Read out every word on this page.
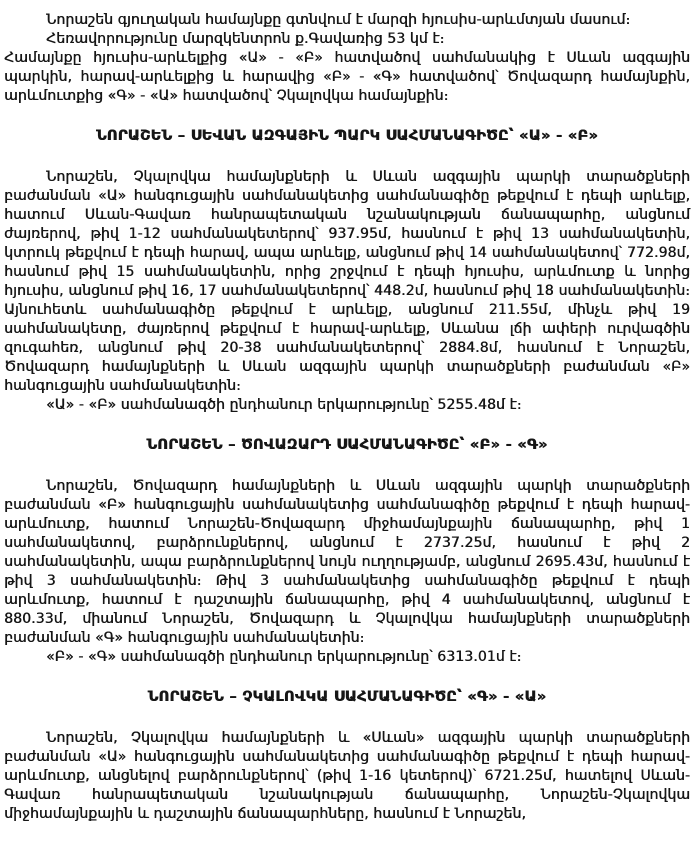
Նորաշեն գյուղական համայնքը գտնվում է մարզի հյուսիս-արևմտյան մասում։

Հեռավորությունը մարզկենտրոն ք.Գավառից 53 կմ է։

Համայնքը հյուսիս-արևելքից «Ա» - «Բ» հատվածով սահմանակից է Սևան ազգային պարկին, հարավ-արևելքից և հարավից «Բ» - «Գ» հատվածով՝ Ծովազարդ համայնքին, արևմուտքից «Գ» - «Ա» հատվածով՝ Չկալովկա համայնքին։

ՆՈՐԱՇԵՆ – ՍԵՎԱՆ ԱԶԳԱՅԻՆ ՊԱՐԿ ՍԱՀՄԱՆԱԳԻԾԸ՝ «Ա» - «Բ»

Նորաշեն, Չկալովկա համայնքների և Սևան ազգային պարկի տարածքների բաժանման «Ա» հանգուցային սահմանակետից սահմանագիծը թեքվում է դեպի արևելք, հատում Սևան-Գավառ հանրապետական նշանակության ճանապարհը, անցնում ժայռերով, թիվ 1-12 սահմանակետերով՝ 937.95մ, հասնում է թիվ 13 սահմանակետին, կտրուկ թեքվում է դեպի հարավ, ապա արևելք, անցնում թիվ 14 սահմանակետով՝ 772.98մ, հասնում թիվ 15 սահմանակետին, որից շրջվում է դեպի հյուսիս, արևմուտք և նորից հյուսիս, անցնում թիվ 16, 17 սահմանակետերով՝ 448.2մ, հասնում թիվ 18 սահմանակետին։ Այնուհետև սահմանագիծը թեքվում է արևելք, անցնում 211.55մ, մինչև թիվ 19 սահմանակետը, ժայռերով թեքվում է հարավ-արևելք, Սևանա լճի ափերի ուրվագծին զուգահեռ, անցնում թիվ 20-38 սահմանակետերով՝ 2884.8մ, հասնում է Նորաշեն, Ծովազարդ համայնքների և Սևան ազգային պարկի տարածքների բաժանման «Բ» հանգուցային սահմանակետին։

«Ա» - «Բ» սահմանագծի ընդհանուր երկարությունը՝ 5255.48մ է։

ՆՈՐԱՇԵՆ – ԾՈՎԱԶԱՐԴ ՍԱՀՄԱՆԱԳԻԾԸ՝ «Բ» - «Գ»

Նորաշեն, Ծովազարդ համայնքների և Սևան ազգային պարկի տարածքների բաժանման «Բ» հանգուցային սահմանակետից սահմանագիծը թեքվում է դեպի հարավ-արևմուտք, հատում Նորաշեն-Ծովազարդ միջհամայնքային ճանապարհը, թիվ 1 սահմանակետով, բարձրունքներով, անցնում է 2737.25մ, հասնում է թիվ 2 սահմանակետին, ապա բարձրունքներով նույն ուղղությամբ, անցնում 2695.43մ, հասնում է թիվ 3 սահմանակետին։ Թիվ 3 սահմանակետից սահմանագիծը թեքվում է դեպի արևմուտք, հատում է դաշտային ճանապարհը, թիվ 4 սահմանակետով, անցնում է 880.33մ, միանում Նորաշեն, Ծովազարդ և Չկալովկա համայնքների տարածքների բաժանման «Գ» հանգուցային սահմանակետին։

«Բ» - «Գ» սահմանագծի ընդհանուր երկարությունը՝ 6313.01մ է։

ՆՈՐԱՇԵՆ – ՉԿԱԼՈՎԿԱ ՍԱՀՄԱՆԱԳԻԾԸ՝ «Գ» - «Ա»

Նորաշեն, Չկալովկա համայնքների և «Սևան» ազգային պարկի տարածքների բաժանման «Ա» հանգուցային սահմանակետից սահմանագիծը թեքվում է դեպի հարավ-արևմուտք, անցնելով բարձրունքներով՝ (թիվ 1-16 կետերով)՝ 6721.25մ, հատելով Սևան-Գավառ հանրապետական նշանակության ճանապարհը, Նորաշեն-Չկալովկա միջհամայնքային և դաշտային ճանապարհները, հասնում է Նորաշեն,
